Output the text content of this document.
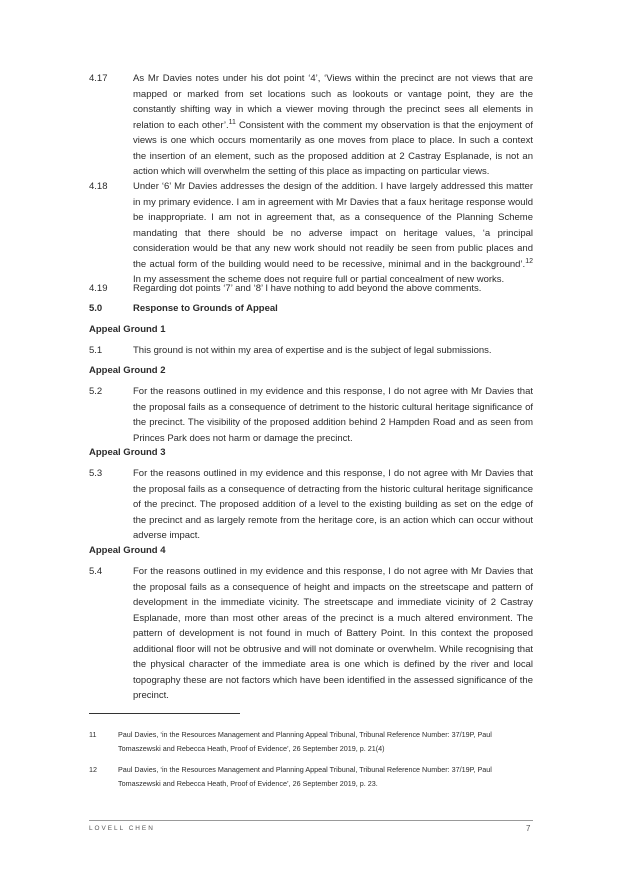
4.17	As Mr Davies notes under his dot point ‘4’, ‘Views within the precinct are not views that are mapped or marked from set locations such as lookouts or vantage point, they are the constantly shifting way in which a viewer moving through the precinct sees all elements in relation to each other’.$^{11}$ Consistent with the comment my observation is that the enjoyment of views is one which occurs momentarily as one moves from place to place. In such a context the insertion of an element, such as the proposed addition at 2 Castray Esplanade, is not an action which will overwhelm the setting of this place as impacting on particular views.
4.18	Under ‘6’ Mr Davies addresses the design of the addition. I have largely addressed this matter in my primary evidence. I am in agreement with Mr Davies that a faux heritage response would be inappropriate. I am not in agreement that, as a consequence of the Planning Scheme mandating that there should be no adverse impact on heritage values, ‘a principal consideration would be that any new work should not readily be seen from public places and the actual form of the building would need to be recessive, minimal and in the background’.$^{12}$ In my assessment the scheme does not require full or partial concealment of new works.
4.19	Regarding dot points ‘7’ and ‘8’ I have nothing to add beyond the above comments.
5.0	Response to Grounds of Appeal
Appeal Ground 1
5.1	This ground is not within my area of expertise and is the subject of legal submissions.
Appeal Ground 2
5.2	For the reasons outlined in my evidence and this response, I do not agree with Mr Davies that the proposal fails as a consequence of detriment to the historic cultural heritage significance of the precinct. The visibility of the proposed addition behind 2 Hampden Road and as seen from Princes Park does not harm or damage the precinct.
Appeal Ground 3
5.3	For the reasons outlined in my evidence and this response, I do not agree with Mr Davies that the proposal fails as a consequence of detracting from the historic cultural heritage significance of the precinct. The proposed addition of a level to the existing building as set on the edge of the precinct and as largely remote from the heritage core, is an action which can occur without adverse impact.
Appeal Ground 4
5.4	For the reasons outlined in my evidence and this response, I do not agree with Mr Davies that the proposal fails as a consequence of height and impacts on the streetscape and pattern of development in the immediate vicinity. The streetscape and immediate vicinity of 2 Castray Esplanade, more than most other areas of the precinct is a much altered environment. The pattern of development is not found in much of Battery Point. In this context the proposed additional floor will not be obtrusive and will not dominate or overwhelm. While recognising that the physical character of the immediate area is one which is defined by the river and local topography these are not factors which have been identified in the assessed significance of the precinct.
11	Paul Davies, ‘in the Resources Management and Planning Appeal Tribunal, Tribunal Reference Number: 37/19P, Paul Tomaszewski and Rebecca Heath, Proof of Evidence’, 26 September 2019, p. 21(4)
12	Paul Davies, ‘in the Resources Management and Planning Appeal Tribunal, Tribunal Reference Number: 37/19P, Paul Tomaszewski and Rebecca Heath, Proof of Evidence’, 26 September 2019, p. 23.
LOVELL CHEN	7
